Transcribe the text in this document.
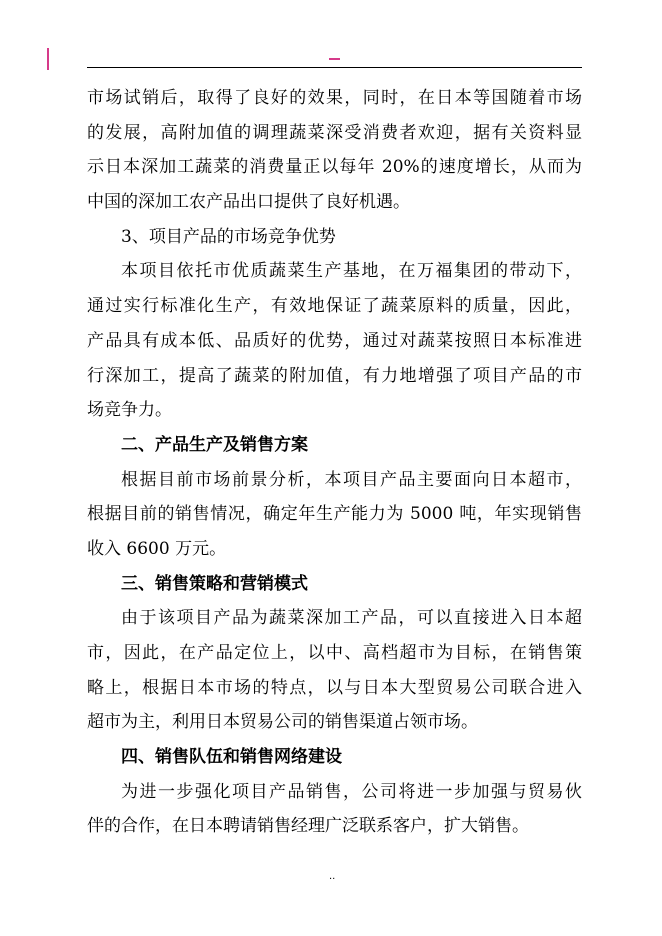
市场试销后，取得了良好的效果，同时，在日本等国随着市场
的发展，高附加值的调理蔬菜深受消费者欢迎，据有关资料显
示日本深加工蔬菜的消费量正以每年 20%的速度增长，从而为
中国的深加工农产品出口提供了良好机遇。
3、项目产品的市场竞争优势
本项目依托市优质蔬菜生产基地，在万福集团的带动下，
通过实行标准化生产，有效地保证了蔬菜原料的质量，因此，
产品具有成本低、品质好的优势，通过对蔬菜按照日本标准进
行深加工，提高了蔬菜的附加值，有力地增强了项目产品的市
场竞争力。
二、产品生产及销售方案
根据目前市场前景分析，本项目产品主要面向日本超市，
根据目前的销售情况，确定年生产能力为 5000 吨，年实现销售
收入 6600 万元。
三、销售策略和营销模式
由于该项目产品为蔬菜深加工产品，可以直接进入日本超
市，因此，在产品定位上，以中、高档超市为目标，在销售策
略上，根据日本市场的特点，以与日本大型贸易公司联合进入
超市为主，利用日本贸易公司的销售渠道占领市场。
四、销售队伍和销售网络建设
为进一步强化项目产品销售，公司将进一步加强与贸易伙
伴的合作，在日本聘请销售经理广泛联系客户，扩大销售。
..
